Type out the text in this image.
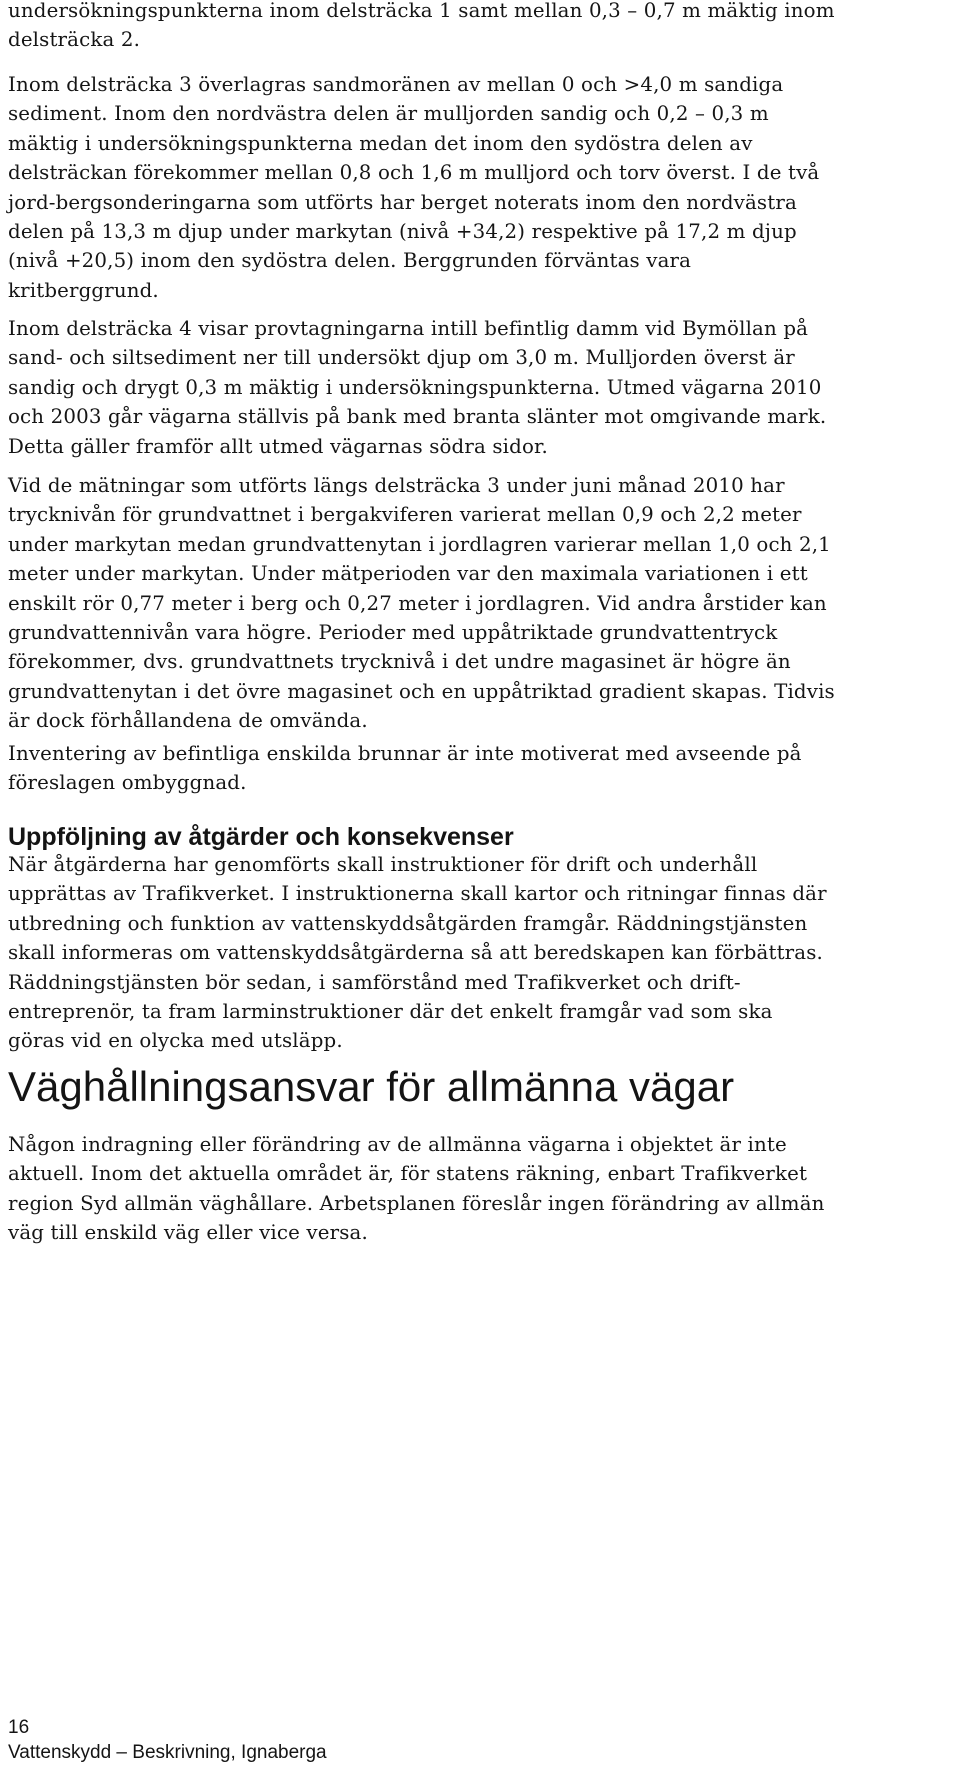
undersökningspunkterna inom delsträcka 1 samt mellan 0,3 – 0,7 m mäktig inom
delsträcka 2.

Inom delsträcka 3 överlagras sandmoränen av mellan 0 och >4,0 m sandiga
sediment. Inom den nordvästra delen är mulljorden sandig och 0,2 – 0,3 m
mäktig i undersökningspunkterna medan det inom den sydöstra delen av
delsträckan förekommer mellan 0,8 och 1,6 m mulljord och torv överst. I de två
jord-bergsonderingarna som utförts har berget noterats inom den nordvästra
delen på 13,3 m djup under markytan (nivå +34,2) respektive på 17,2 m djup
(nivå +20,5) inom den sydöstra delen. Berggrunden förväntas vara
kritberggrund.

Inom delsträcka 4 visar provtagningarna intill befintlig damm vid Bymöllan på
sand- och siltsediment ner till undersökt djup om 3,0 m. Mulljorden överst är
sandig och drygt 0,3 m mäktig i undersökningspunkterna. Utmed vägarna 2010
och 2003 går vägarna ställvis på bank med branta slänter mot omgivande mark.
Detta gäller framför allt utmed vägarnas södra sidor.

Vid de mätningar som utförts längs delsträcka 3 under juni månad 2010 har
trycknivån för grundvattnet i bergakviferen varierat mellan 0,9 och 2,2 meter
under markytan medan grundvattenytan i jordlagren varierar mellan 1,0 och 2,1
meter under markytan. Under mätperioden var den maximala variationen i ett
enskilt rör 0,77 meter i berg och 0,27 meter i jordlagren. Vid andra årstider kan
grundvattennivån vara högre. Perioder med uppåtriktade grundvattentryck
förekommer, dvs. grundvattnets trycknivå i det undre magasinet är högre än
grundvattenytan i det övre magasinet och en uppåtriktad gradient skapas. Tidvis
är dock förhållandena de omvända.

Inventering av befintliga enskilda brunnar är inte motiverat med avseende på
föreslagen ombyggnad.

Uppföljning av åtgärder och konsekvenser

När åtgärderna har genomförts skall instruktioner för drift och underhåll
upprättas av Trafikverket. I instruktionerna skall kartor och ritningar finnas där
utbredning och funktion av vattenskyddsåtgärden framgår. Räddningstjänsten
skall informeras om vattenskyddsåtgärderna så att beredskapen kan förbättras.
Räddningstjänsten bör sedan, i samförstånd med Trafikverket och drift-
entreprenör, ta fram larminstruktioner där det enkelt framgår vad som ska
göras vid en olycka med utsläpp.

Väghållningsansvar för allmänna vägar

Någon indragning eller förändring av de allmänna vägarna i objektet är inte
aktuell. Inom det aktuella området är, för statens räkning, enbart Trafikverket
region Syd allmän väghållare. Arbetsplanen föreslår ingen förändring av allmän
väg till enskild väg eller vice versa.

16
Vattenskydd – Beskrivning, Ignaberga
